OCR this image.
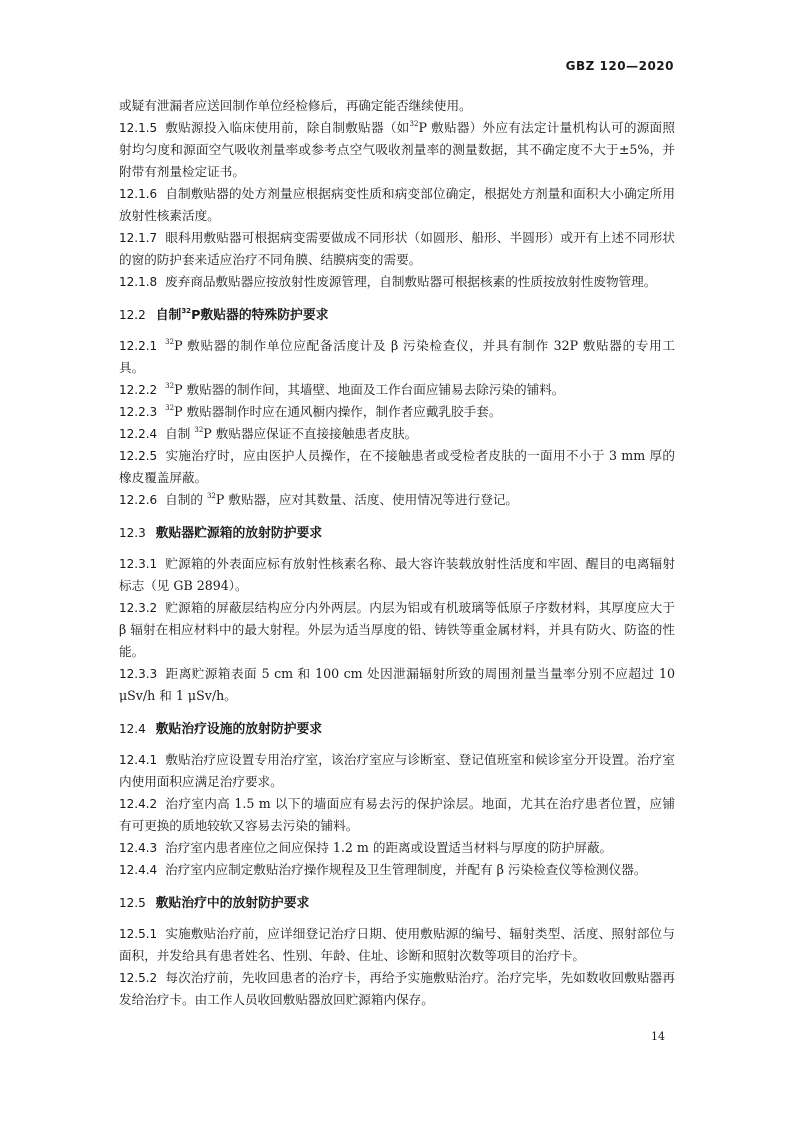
GBZ 120—2020

或疑有泄漏者应送回制作单位经检修后，再确定能否继续使用。

12.1.5 敷贴源投入临床使用前，除自制敷贴器（如$^{32}$P 敷贴器）外应有法定计量机构认可的源面照射均匀度和源面空气吸收剂量率或参考点空气吸收剂量率的测量数据，其不确定度不大于±5%，并附带有剂量检定证书。

12.1.6 自制敷贴器的处方剂量应根据病变性质和病变部位确定，根据处方剂量和面积大小确定所用放射性核素活度。

12.1.7 眼科用敷贴器可根据病变需要做成不同形状（如圆形、船形、半圆形）或开有上述不同形状的窗的防护套来适应治疗不同角膜、结膜病变的需要。

12.1.8 废弃商品敷贴器应按放射性废源管理，自制敷贴器可根据核素的性质按放射性废物管理。

12.2 自制$^{32}$P敷贴器的特殊防护要求

12.2.1 $^{32}$P 敷贴器的制作单位应配备活度计及 β 污染检查仪，并具有制作 32P 敷贴器的专用工具。

12.2.2 $^{32}$P 敷贴器的制作间，其墙壁、地面及工作台面应铺易去除污染的铺料。

12.2.3 $^{32}$P 敷贴器制作时应在通风橱内操作，制作者应戴乳胶手套。

12.2.4 自制 $^{32}$P 敷贴器应保证不直接接触患者皮肤。

12.2.5 实施治疗时，应由医护人员操作，在不接触患者或受检者皮肤的一面用不小于 3 mm 厚的橡皮覆盖屏蔽。

12.2.6 自制的 $^{32}$P 敷贴器，应对其数量、活度、使用情况等进行登记。

12.3 敷贴器贮源箱的放射防护要求

12.3.1 贮源箱的外表面应标有放射性核素名称、最大容许装载放射性活度和牢固、醒目的电离辐射标志（见 GB 2894）。

12.3.2 贮源箱的屏蔽层结构应分内外两层。内层为铝或有机玻璃等低原子序数材料，其厚度应大于 β 辐射在相应材料中的最大射程。外层为适当厚度的铅、铸铁等重金属材料，并具有防火、防盗的性能。

12.3.3 距离贮源箱表面 5 cm 和 100 cm 处因泄漏辐射所致的周围剂量当量率分别不应超过 10 μSv/h 和 1 μSv/h。

12.4 敷贴治疗设施的放射防护要求

12.4.1 敷贴治疗应设置专用治疗室，该治疗室应与诊断室、登记值班室和候诊室分开设置。治疗室内使用面积应满足治疗要求。

12.4.2 治疗室内高 1.5 m 以下的墙面应有易去污的保护涂层。地面，尤其在治疗患者位置，应铺有可更换的质地较软又容易去污染的铺料。

12.4.3 治疗室内患者座位之间应保持 1.2 m 的距离或设置适当材料与厚度的防护屏蔽。

12.4.4 治疗室内应制定敷贴治疗操作规程及卫生管理制度，并配有 β 污染检查仪等检测仪器。

12.5 敷贴治疗中的放射防护要求

12.5.1 实施敷贴治疗前，应详细登记治疗日期、使用敷贴源的编号、辐射类型、活度、照射部位与面积，并发给具有患者姓名、性别、年龄、住址、诊断和照射次数等项目的治疗卡。

12.5.2 每次治疗前，先收回患者的治疗卡，再给予实施敷贴治疗。治疗完毕，先如数收回敷贴器再发给治疗卡。由工作人员收回敷贴器放回贮源箱内保存。

14
